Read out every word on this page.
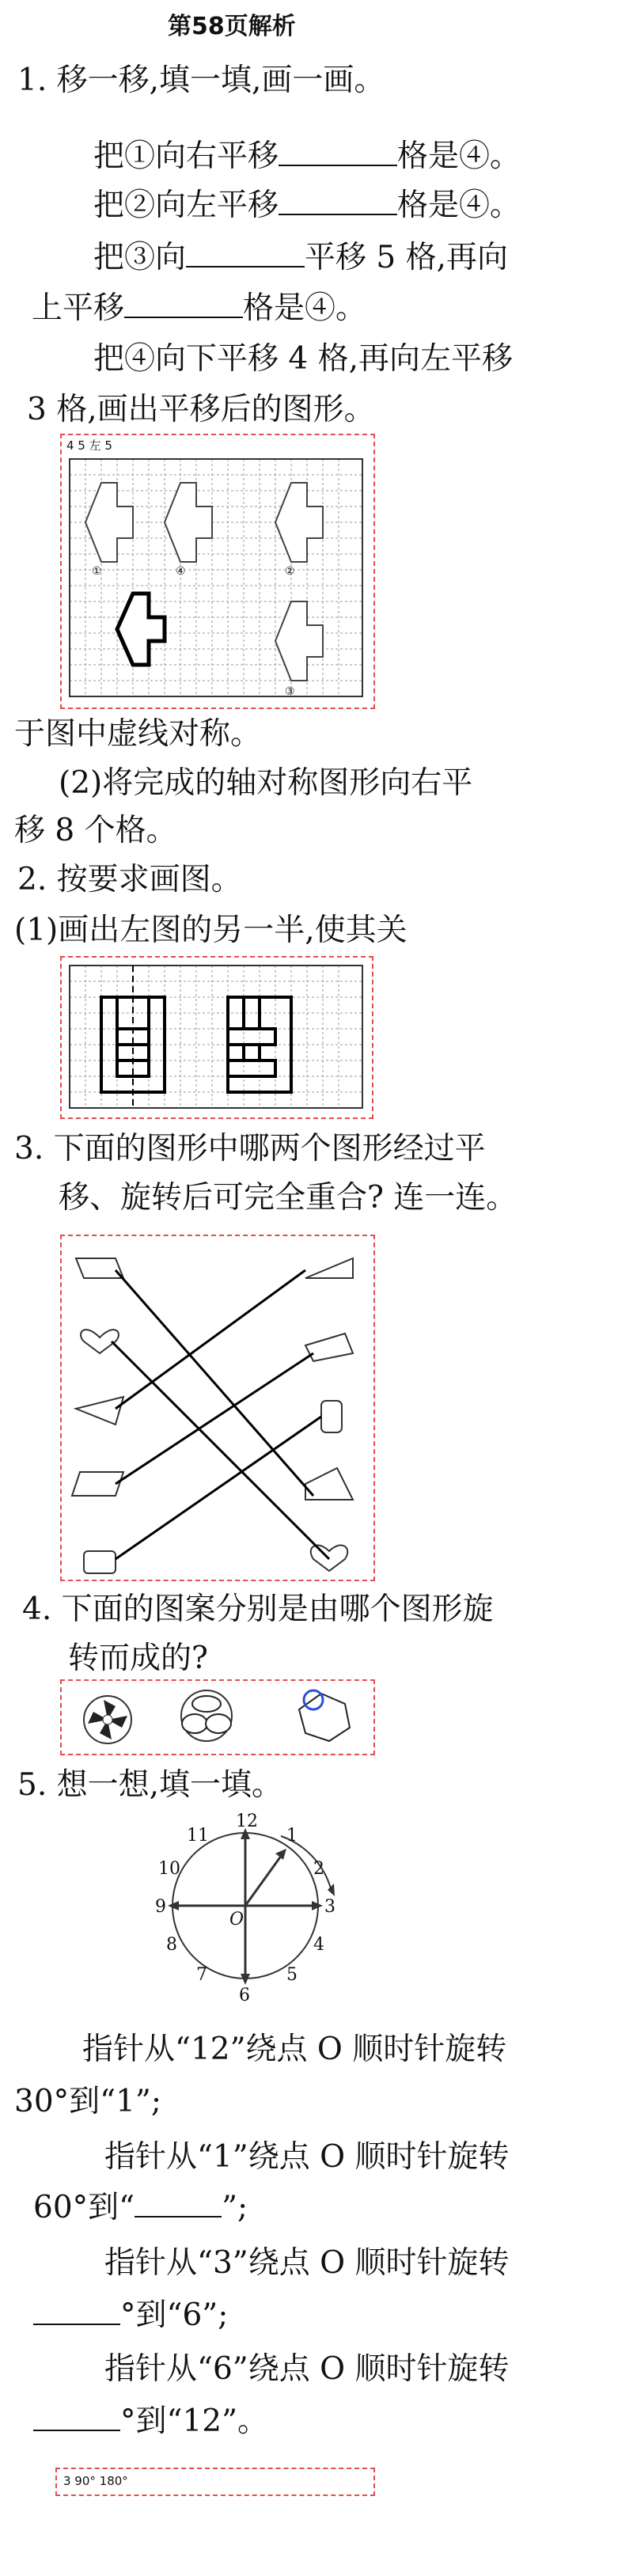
第58页解析
1. 移一移,填一填,画一画。
把①向右平移	格是④。
把②向左平移	格是④。
把③向	平移 5 格,再向
上平移	格是④。
把④向下平移 4 格,再向左平移
3 格,画出平移后的图形。
4 5 左 5
①	④	②
③
于图中虚线对称。
(2)将完成的轴对称图形向右平
移 8 个格。
2. 按要求画图。
(1)画出左图的另一半,使其关
3. 下面的图形中哪两个图形经过平
移、旋转后可完全重合? 连一连。
4. 下面的图案分别是由哪个图形旋
转而成的?
5. 想一想,填一填。
12
1
2
3
4
5
6
7
8
9
10
11
O
指针从“12”绕点 O 顺时针旋转
30°到“1”;
指针从“1”绕点 O 顺时针旋转
60°到“	”;
指针从“3”绕点 O 顺时针旋转
°到“6”;
指针从“6”绕点 O 顺时针旋转
°到“12”。
3 90° 180°
